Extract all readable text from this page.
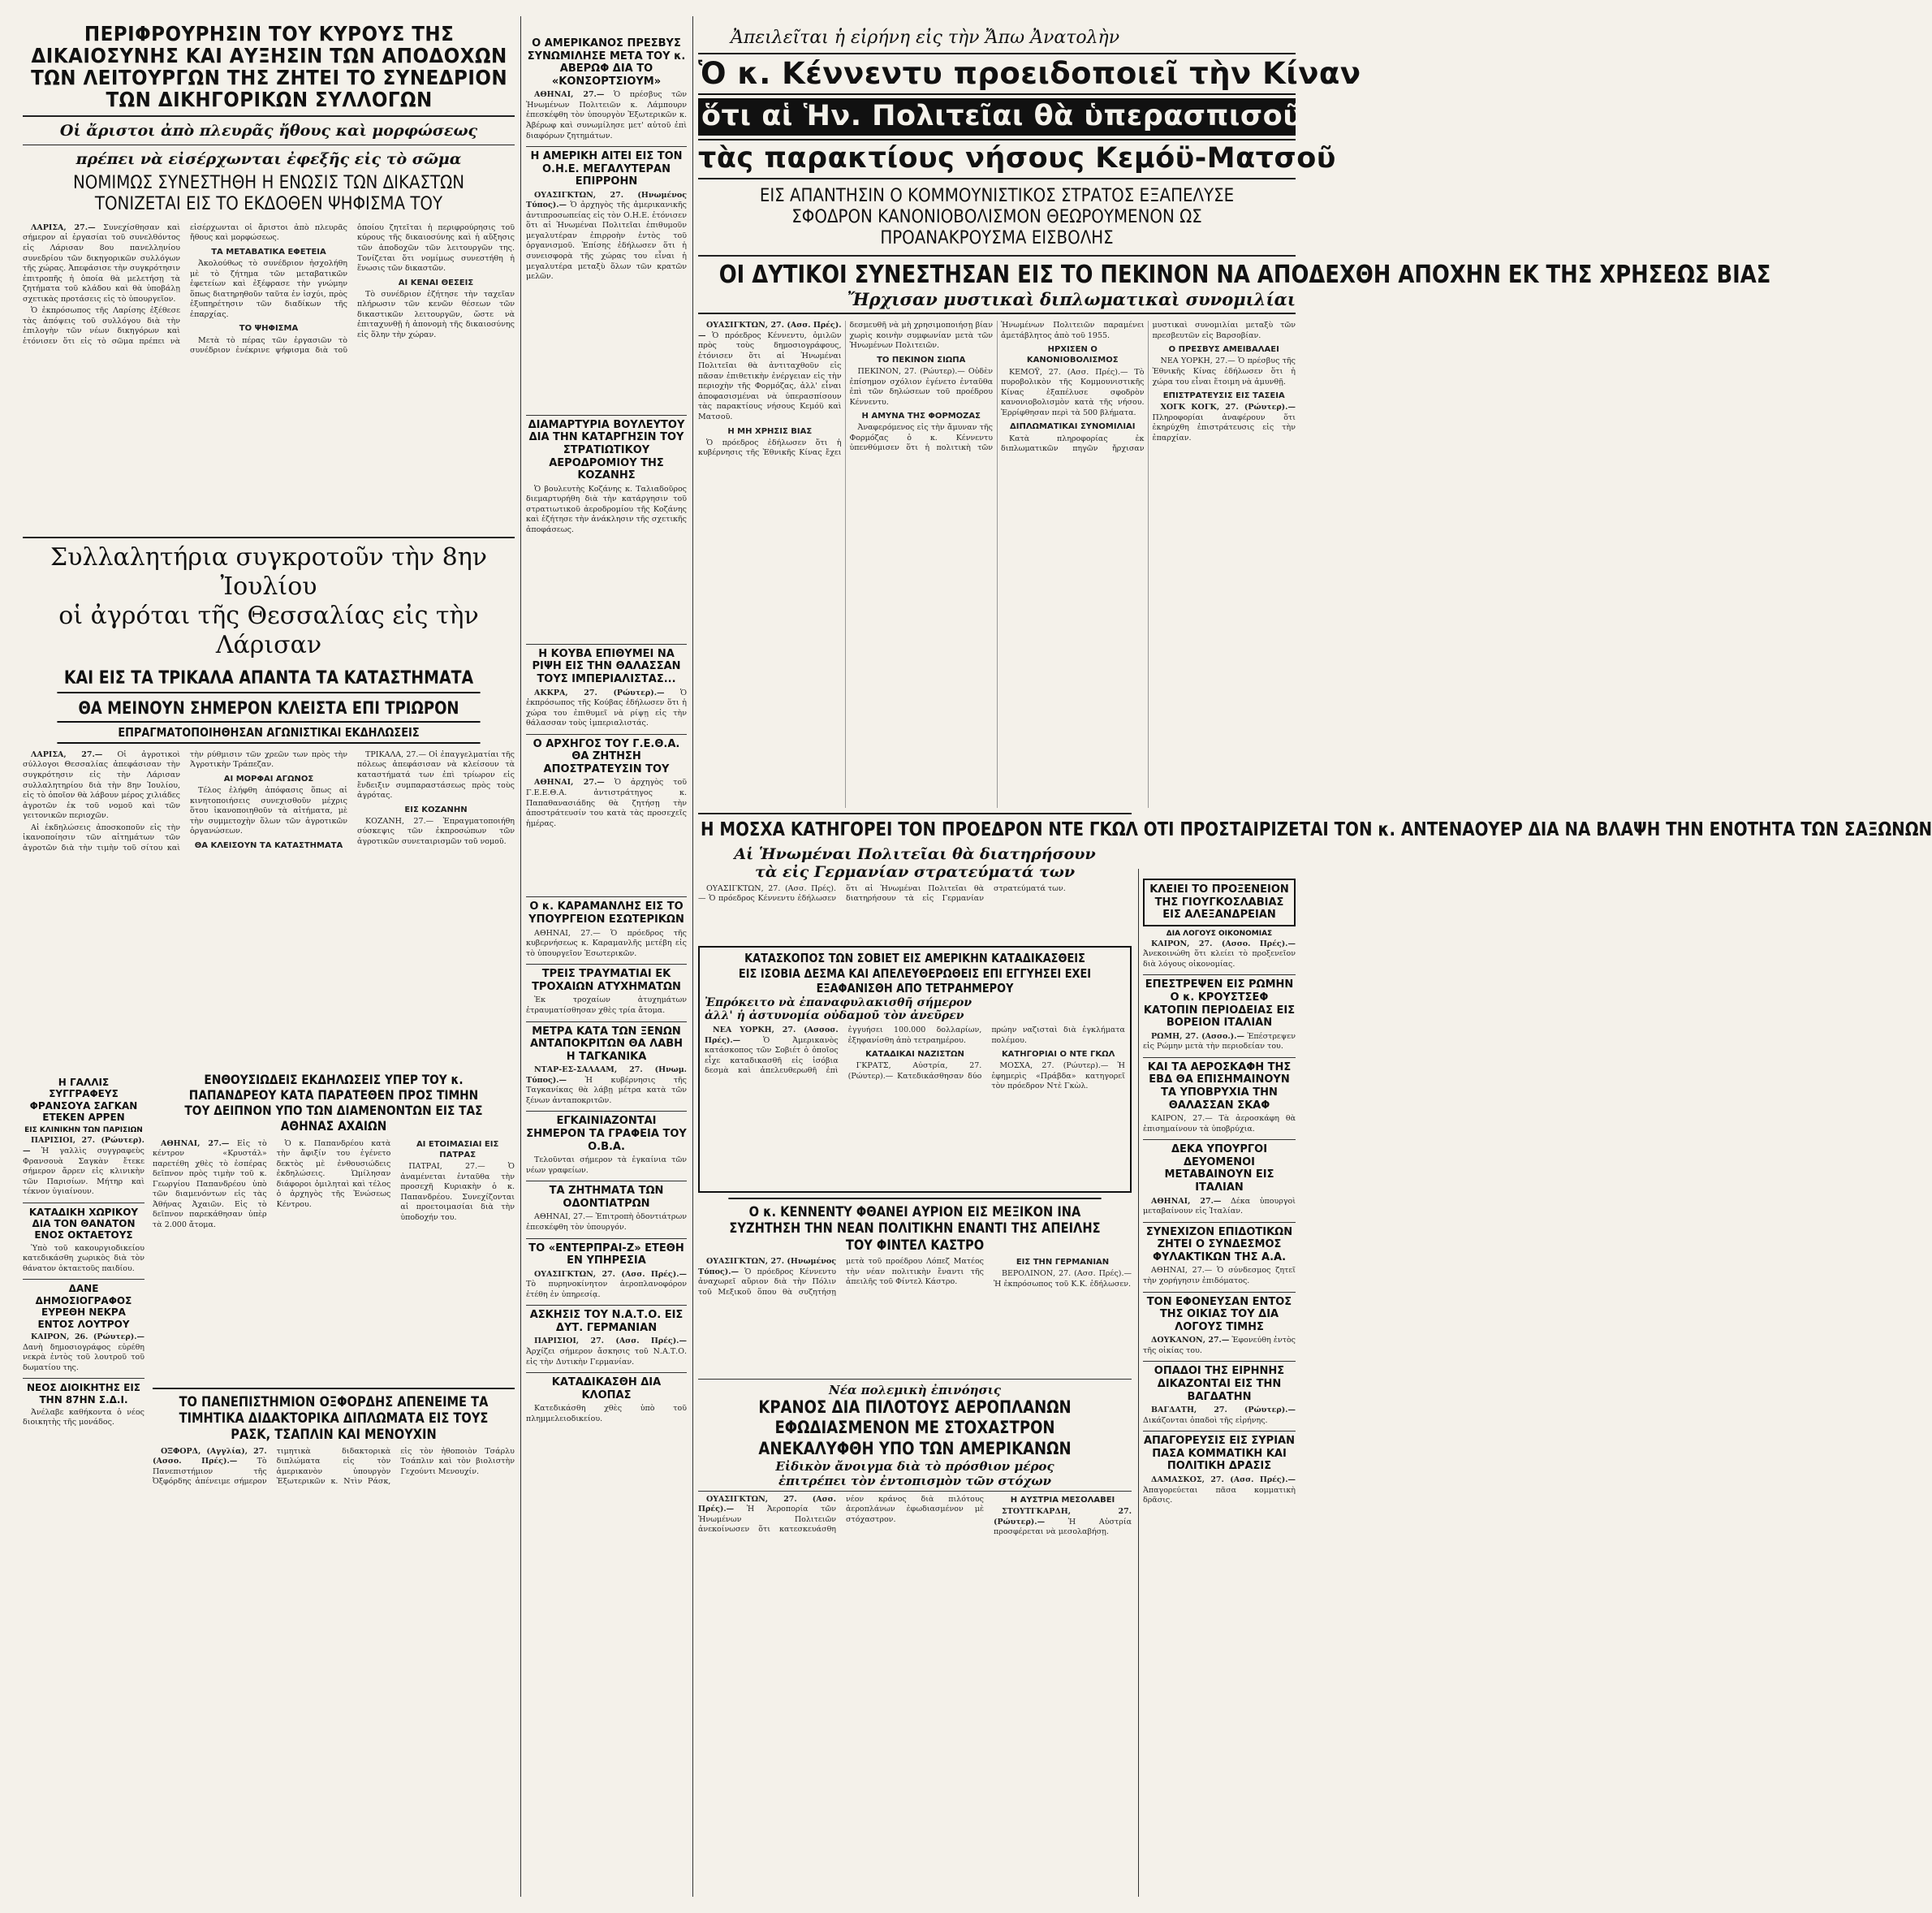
ΠΕΡΙΦΡΟΥΡΗΣΙΝ ΤΟΥ ΚΥΡΟΥΣ ΤΗΣ ΔΙΚΑΙΟΣΥΝΗΣ ΚΑΙ ΑΥΞΗΣΙΝ ΤΩΝ ΑΠΟΔΟΧΩΝ ΤΩΝ ΛΕΙΤΟΥΡΓΩΝ ΤΗΣ ΖΗΤΕΙ ΤΟ ΣΥΝΕΔΡΙΟΝ ΤΩΝ ΔΙΚΗΓΟΡΙΚΩΝ ΣΥΛΛΟΓΩΝ
Οἱ ἄριστοι ἀπὸ πλευρᾶς ἤθους καὶ μορφώσεως
πρέπει νὰ εἰσέρχωνται ἐφεξῆς εἰς τὸ σῶμα
ΝΟΜΙΜΩΣ ΣΥΝΕΣΤΗΘΗ Η ΕΝΩΣΙΣ ΤΩΝ ΔΙΚΑΣΤΩΝ ΤΟΝΙΖΕΤΑΙ ΕΙΣ ΤΟ ΕΚΔΟΘΕΝ ΨΗΦΙΣΜΑ ΤΟΥ

ΛΑΡΙΣΑ, 27.— Συνεχίσθησαν καὶ σήμερον αἱ ἐργασίαι τοῦ συνελθόντος εἰς Λάρισαν 8ου πανελληνίου συνεδρίου τῶν δικηγορικῶν συλλόγων τῆς χώρας. Ἀπεφάσισε τὴν συγκρότησιν ἐπιτροπῆς ἡ ὁποία θὰ μελετήσῃ τὰ ζητήματα τοῦ κλάδου καὶ θὰ ὑποβάλῃ σχετικὰς προτάσεις εἰς τὸ ὑπουργεῖον.

Ὁ ἐκπρόσωπος τῆς Λαρίσης ἐξέθεσε τὰς ἀπόψεις τοῦ συλλόγου διὰ τὴν ἐπιλογὴν τῶν νέων δικηγόρων καὶ ἐτόνισεν ὅτι εἰς τὸ σῶμα πρέπει νὰ εἰσέρχωνται οἱ ἄριστοι ἀπὸ πλευρᾶς ἤθους καὶ μορφώσεως.

ΤΑ ΜΕΤΑΒΑΤΙΚΑ ΕΦΕΤΕΙΑ

Ἀκολούθως τὸ συνέδριον ἠσχολήθη μὲ τὸ ζήτημα τῶν μεταβατικῶν ἐφετείων καὶ ἐξέφρασε τὴν γνώμην ὅπως διατηρηθοῦν ταῦτα ἐν ἰσχύι, πρὸς ἐξυπηρέτησιν τῶν διαδίκων τῆς ἐπαρχίας.

ΤΟ ΨΗΦΙΣΜΑ

Μετὰ τὸ πέρας τῶν ἐργασιῶν τὸ συνέδριον ἐνέκρινε ψήφισμα διὰ τοῦ ὁποίου ζητεῖται ἡ περιφρούρησις τοῦ κύρους τῆς δικαιοσύνης καὶ ἡ αὔξησις τῶν ἀποδοχῶν τῶν λειτουργῶν της. Τονίζεται ὅτι νομίμως συνεστήθη ἡ ἕνωσις τῶν δικαστῶν.

ΑΙ ΚΕΝΑΙ ΘΕΣΕΙΣ

Τὸ συνέδριον ἐζήτησε τὴν ταχεῖαν πλήρωσιν τῶν κενῶν θέσεων τῶν δικαστικῶν λειτουργῶν, ὥστε νὰ ἐπιταχυνθῇ ἡ ἀπονομὴ τῆς δικαιοσύνης εἰς ὅλην τὴν χώραν.

Συλλαλητήρια συγκροτοῦν τὴν 8ην Ἰουλίου
οἱ ἀγρόται τῆς Θεσσαλίας εἰς τὴν Λάρισαν
ΚΑΙ ΕΙΣ ΤΑ ΤΡΙΚΑΛΑ ΑΠΑΝΤΑ ΤΑ ΚΑΤΑΣΤΗΜΑΤΑ
ΘΑ ΜΕΙΝΟΥΝ ΣΗΜΕΡΟΝ ΚΛΕΙΣΤΑ ΕΠΙ ΤΡΙΩΡΟΝ
ΕΠΡΑΓΜΑΤΟΠΟΙΗΘΗΣΑΝ ΑΓΩΝΙΣΤΙΚΑΙ ΕΚΔΗΛΩΣΕΙΣ

ΛΑΡΙΣΑ, 27.— Οἱ ἀγροτικοὶ σύλλογοι Θεσσαλίας ἀπεφάσισαν τὴν συγκρότησιν εἰς τὴν Λάρισαν συλλαλητηρίου διὰ τὴν 8ην Ἰουλίου, εἰς τὸ ὁποῖον θὰ λάβουν μέρος χιλιάδες ἀγροτῶν ἐκ τοῦ νομοῦ καὶ τῶν γειτονικῶν περιοχῶν.

Αἱ ἐκδηλώσεις ἀποσκοποῦν εἰς τὴν ἱκανοποίησιν τῶν αἰτημάτων τῶν ἀγροτῶν διὰ τὴν τιμὴν τοῦ σίτου καὶ τὴν ρύθμισιν τῶν χρεῶν των πρὸς τὴν Ἀγροτικὴν Τράπεζαν.

ΑΙ ΜΟΡΦΑΙ ΑΓΩΝΟΣ

Τέλος ἐλήφθη ἀπόφασις ὅπως αἱ κινητοποιήσεις συνεχισθοῦν μέχρις ὅτου ἱκανοποιηθοῦν τὰ αἰτήματα, μὲ τὴν συμμετοχὴν ὅλων τῶν ἀγροτικῶν ὀργανώσεων.

ΘΑ ΚΛΕΙΣΟΥΝ ΤΑ ΚΑΤΑΣΤΗΜΑΤΑ

ΤΡΙΚΑΛΑ, 27.— Οἱ ἐπαγγελματίαι τῆς πόλεως ἀπεφάσισαν νὰ κλείσουν τὰ καταστήματά των ἐπὶ τρίωρον εἰς ἔνδειξιν συμπαραστάσεως πρὸς τοὺς ἀγρότας.

ΕΙΣ ΚΟΖΑΝΗΝ

ΚΟΖΑΝΗ, 27.— Ἐπραγματοποιήθη σύσκεψις τῶν ἐκπροσώπων τῶν ἀγροτικῶν συνεταιρισμῶν τοῦ νομοῦ.

Η ΓΑΛΛΙΣ ΣΥΓΓΡΑΦΕΥΣ ΦΡΑΝΣΟΥΑ ΣΑΓΚΑΝ ΕΤΕΚΕΝ ΑΡΡΕΝ
ΕΙΣ ΚΛΙΝΙΚΗΝ ΤΩΝ ΠΑΡΙΣΙΩΝ

ΠΑΡΙΣΙΟΙ, 27. (Ρώυτερ).— Ἡ γαλλὶς συγγραφεὺς Φρανσουὰ Σαγκὰν ἔτεκε σήμερον ἄρρεν εἰς κλινικὴν τῶν Παρισίων. Μήτηρ καὶ τέκνον ὑγιαίνουν.

ΚΑΤΑΔΙΚΗ ΧΩΡΙΚΟΥ ΔΙΑ ΤΟΝ ΘΑΝΑΤΟΝ ΕΝΟΣ ΟΚΤΑΕΤΟΥΣ

Ὑπὸ τοῦ κακουργιοδικείου κατεδικάσθη χωρικὸς διὰ τὸν θάνατον ὀκταετοῦς παιδίου.

ΔΑΝΕ ΔΗΜΟΣΙΟΓΡΑΦΟΣ ΕΥΡΕΘΗ ΝΕΚΡΑ ΕΝΤΟΣ ΛΟΥΤΡΟΥ

ΚΑΙΡΟΝ, 26. (Ρώυτερ).— Δανὴ δημοσιογράφος εὑρέθη νεκρὰ ἐντὸς τοῦ λουτροῦ τοῦ δωματίου της.

ΝΕΟΣ ΔΙΟΙΚΗΤΗΣ ΕΙΣ ΤΗΝ 87ΗΝ Σ.Δ.Ι.

Ἀνέλαβε καθήκοντα ὁ νέος διοικητὴς τῆς μονάδος.

ΕΝΘΟΥΣΙΩΔΕΙΣ ΕΚΔΗΛΩΣΕΙΣ ΥΠΕΡ ΤΟΥ κ. ΠΑΠΑΝΔΡΕΟΥ ΚΑΤΑ ΠΑΡΑΤΕΘΕΝ ΠΡΟΣ ΤΙΜΗΝ ΤΟΥ ΔΕΙΠΝΟΝ ΥΠΟ ΤΩΝ ΔΙΑΜΕΝΟΝΤΩΝ ΕΙΣ ΤΑΣ ΑΘΗΝΑΣ ΑΧΑΙΩΝ

ΑΘΗΝΑΙ, 27.— Εἰς τὸ κέντρον «Κρυστάλ» παρετέθη χθὲς τὸ ἑσπέρας δεῖπνον πρὸς τιμὴν τοῦ κ. Γεωργίου Παπανδρέου ὑπὸ τῶν διαμενόντων εἰς τὰς Ἀθήνας Ἀχαιῶν. Εἰς τὸ δεῖπνον παρεκάθησαν ὑπὲρ τὰ 2.000 ἄτομα.

Ὁ κ. Παπανδρέου κατὰ τὴν ἄφιξίν του ἐγένετο δεκτὸς μὲ ἐνθουσιώδεις ἐκδηλώσεις. Ὡμίλησαν διάφοροι ὁμιληταὶ καὶ τέλος ὁ ἀρχηγὸς τῆς Ἑνώσεως Κέντρου.

ΑΙ ΕΤΟΙΜΑΣΙΑΙ ΕΙΣ ΠΑΤΡΑΣ

ΠΑΤΡΑΙ, 27.— Ὁ ἀναμένεται ἐνταῦθα τὴν προσεχῆ Κυριακὴν ὁ κ. Παπανδρέου. Συνεχίζονται αἱ προετοιμασίαι διὰ τὴν ὑποδοχήν του.

ΤΟ ΠΑΝΕΠΙΣΤΗΜΙΟΝ ΟΞΦΟΡΔΗΣ ΑΠΕΝΕΙΜΕ ΤΑ ΤΙΜΗΤΙΚΑ ΔΙΔΑΚΤΟΡΙΚΑ ΔΙΠΛΩΜΑΤΑ ΕΙΣ ΤΟΥΣ ΡΑΣΚ, ΤΣΑΠΛΙΝ ΚΑΙ ΜΕΝΟΥΧΙΝ

ΟΞΦΟΡΔ, (Αγγλία), 27. (Ασσο. Πρές).— Τὸ Πανεπιστήμιον τῆς Ὀξφόρδης ἀπένειμε σήμερον τιμητικὰ διδακτορικὰ διπλώματα εἰς τὸν ἀμερικανὸν ὑπουργὸν Ἐξωτερικῶν κ. Ντὶν Ράσκ, εἰς τὸν ἠθοποιὸν Τσάρλυ Τσάπλιν καὶ τὸν βιολιστὴν Γεχούντι Μενουχίν.

Ο ΑΜΕΡΙΚΑΝΟΣ ΠΡΕΣΒΥΣ ΣΥΝΩΜΙΛΗΣΕ ΜΕΤΑ ΤΟΥ κ. ΑΒΕΡΩΦ ΔΙΑ ΤΟ «ΚΟΝΣΟΡΤΣΙΟΥΜ»

ΑΘΗΝΑΙ, 27.— Ὁ πρέσβυς τῶν Ἡνωμένων Πολιτειῶν κ. Λάμπουρν ἐπεσκέφθη τὸν ὑπουργὸν Ἐξωτερικῶν κ. Ἀβέρωφ καὶ συνωμίλησε μετ' αὐτοῦ ἐπὶ διαφόρων ζητημάτων.

Η ΑΜΕΡΙΚΗ ΑΙΤΕΙ ΕΙΣ ΤΟΝ Ο.Η.Ε. ΜΕΓΑΛΥΤΕΡΑΝ ΕΠΙΡΡΟΗΝ

ΟΥΑΣΙΓΚΤΩΝ, 27. (Ηνωμένος Τύπος).— Ὁ ἀρχηγὸς τῆς ἀμερικανικῆς ἀντιπροσωπείας εἰς τὸν Ο.Η.Ε. ἐτόνισεν ὅτι αἱ Ἡνωμέναι Πολιτεῖαι ἐπιθυμοῦν μεγαλυτέραν ἐπιρροὴν ἐντὸς τοῦ ὀργανισμοῦ. Ἐπίσης ἐδήλωσεν ὅτι ἡ συνεισφορὰ τῆς χώρας του εἶναι ἡ μεγαλυτέρα μεταξὺ ὅλων τῶν κρατῶν μελῶν.

ΔΙΑΜΑΡΤΥΡΙΑ ΒΟΥΛΕΥΤΟΥ ΔΙΑ ΤΗΝ ΚΑΤΑΡΓΗΣΙΝ ΤΟΥ ΣΤΡΑΤΙΩΤΙΚΟΥ ΑΕΡΟΔΡΟΜΙΟΥ ΤΗΣ ΚΟΖΑΝΗΣ

Ὁ βουλευτὴς Κοζάνης κ. Ταλιαδοῦρος διεμαρτυρήθη διὰ τὴν κατάργησιν τοῦ στρατιωτικοῦ ἀεροδρομίου τῆς Κοζάνης καὶ ἐζήτησε τὴν ἀνάκλησιν τῆς σχετικῆς ἀποφάσεως.

Η ΚΟΥΒΑ ΕΠΙΘΥΜΕΙ ΝΑ ΡΙΨΗ ΕΙΣ ΤΗΝ ΘΑΛΑΣΣΑΝ ΤΟΥΣ ΙΜΠΕΡΙΑΛΙΣΤΑΣ...

ΑΚΚΡΑ, 27. (Ρώυτερ).— Ὁ ἐκπρόσωπος τῆς Κούβας ἐδήλωσεν ὅτι ἡ χώρα του ἐπιθυμεῖ νὰ ρίψῃ εἰς τὴν θάλασσαν τοὺς ἰμπεριαλιστάς.

Ο ΑΡΧΗΓΟΣ ΤΟΥ Γ.Ε.Θ.Α. ΘΑ ΖΗΤΗΣΗ ΑΠΟΣΤΡΑΤΕΥΣΙΝ ΤΟΥ

ΑΘΗΝΑΙ, 27.— Ὁ ἀρχηγὸς τοῦ Γ.Ε.Ε.Θ.Α. ἀντιστράτηγος κ. Παπαθανασιάδης θὰ ζητήσῃ τὴν ἀποστράτευσίν του κατὰ τὰς προσεχεῖς ἡμέρας.

Ο κ. ΚΑΡΑΜΑΝΛΗΣ ΕΙΣ ΤΟ ΥΠΟΥΡΓΕΙΟΝ ΕΣΩΤΕΡΙΚΩΝ

ΑΘΗΝΑΙ, 27.— Ὁ πρόεδρος τῆς κυβερνήσεως κ. Καραμανλῆς μετέβη εἰς τὸ ὑπουργεῖον Ἐσωτερικῶν.

ΤΡΕΙΣ ΤΡΑΥΜΑΤΙΑΙ ΕΚ ΤΡΟΧΑΙΩΝ ΑΤΥΧΗΜΑΤΩΝ

Ἐκ τροχαίων ἀτυχημάτων ἐτραυματίσθησαν χθὲς τρία ἄτομα.

ΜΕΤΡΑ ΚΑΤΑ ΤΩΝ ΞΕΝΩΝ ΑΝΤΑΠΟΚΡΙΤΩΝ ΘΑ ΛΑΒΗ Η ΤΑΓΚΑΝΙΚΑ

ΝΤΑΡ-ΕΣ-ΣΑΛΑΑΜ, 27. (Ηνωμ. Τύπος).— Ἡ κυβέρνησις τῆς Ταγκανίκας θὰ λάβῃ μέτρα κατὰ τῶν ξένων ἀνταποκριτῶν.

ΕΓΚΑΙΝΙΑΖΟΝΤΑΙ ΣΗΜΕΡΟΝ ΤΑ ΓΡΑΦΕΙΑ ΤΟΥ Ο.Β.Α.

Τελοῦνται σήμερον τὰ ἐγκαίνια τῶν νέων γραφείων.

ΤΑ ΖΗΤΗΜΑΤΑ ΤΩΝ ΟΔΟΝΤΙΑΤΡΩΝ

ΑΘΗΝΑΙ, 27.— Ἐπιτροπὴ ὀδοντιάτρων ἐπεσκέφθη τὸν ὑπουργόν.

ΤΟ «ΕΝΤΕΡΠΡΑΙ-Ζ» ΕΤΕΘΗ ΕΝ ΥΠΗΡΕΣΙΑ

ΟΥΑΣΙΓΚΤΩΝ, 27. (Ασσ. Πρές).— Τὸ πυρηνοκίνητον ἀεροπλανοφόρον ἐτέθη ἐν ὑπηρεσίᾳ.

ΑΣΚΗΣΙΣ ΤΟΥ Ν.Α.Τ.Ο. ΕΙΣ ΔΥΤ. ΓΕΡΜΑΝΙΑΝ

ΠΑΡΙΣΙΟΙ, 27. (Ασσ. Πρές).— Ἀρχίζει σήμερον ἄσκησις τοῦ Ν.Α.Τ.Ο. εἰς τὴν Δυτικὴν Γερμανίαν.

ΚΑΤΑΔΙΚΑΣΘΗ ΔΙΑ ΚΛΟΠΑΣ

Κατεδικάσθη χθὲς ὑπὸ τοῦ πλημμελειοδικείου.

Ἀπειλεῖται ἡ εἰρήνη εἰς τὴν Ἄπω Ἀνατολὴν
Ὁ κ. Κέννεντυ προειδοποιεῖ τὴν Κίναν
ὅτι αἱ Ἡν. Πολιτεῖαι θὰ ὑπερασπισοῦν
τὰς παρακτίους νήσους Κεμόϋ-Ματσοῦ
ΕΙΣ ΑΠΑΝΤΗΣΙΝ Ο ΚΟΜΜΟΥΝΙΣΤΙΚΟΣ ΣΤΡΑΤΟΣ ΕΞΑΠΕΛΥΣΕ ΣΦΟΔΡΟΝ ΚΑΝΟΝΙΟΒΟΛΙΣΜΟΝ ΘΕΩΡΟΥΜΕΝΟΝ ΩΣ ΠΡΟΑΝΑΚΡΟΥΣΜΑ ΕΙΣΒΟΛΗΣ
ΟΙ ΔΥΤΙΚΟΙ ΣΥΝΕΣΤΗΣΑΝ ΕΙΣ ΤΟ ΠΕΚΙΝΟΝ ΝΑ ΑΠΟΔΕΧΘΗ ΑΠΟΧΗΝ ΕΚ ΤΗΣ ΧΡΗΣΕΩΣ ΒΙΑΣ
Ἤρχισαν μυστικαὶ διπλωματικαὶ συνομιλίαι

ΟΥΑΣΙΓΚΤΩΝ, 27. (Ασσ. Πρές).— Ὁ πρόεδρος Κέννεντυ, ὁμιλῶν πρὸς τοὺς δημοσιογράφους, ἐτόνισεν ὅτι αἱ Ἡνωμέναι Πολιτεῖαι θὰ ἀντιταχθοῦν εἰς πᾶσαν ἐπιθετικὴν ἐνέργειαν εἰς τὴν περιοχὴν τῆς Φορμόζας, ἀλλ' εἶναι ἀποφασισμέναι νὰ ὑπερασπίσουν τὰς παρακτίους νήσους Κεμόϋ καὶ Ματσοῦ.

Η ΜΗ ΧΡΗΣΙΣ ΒΙΑΣ

Ὁ πρόεδρος ἐδήλωσεν ὅτι ἡ κυβέρνησις τῆς Ἐθνικῆς Κίνας ἔχει δεσμευθῆ νὰ μὴ χρησιμοποιήσῃ βίαν χωρὶς κοινὴν συμφωνίαν μετὰ τῶν Ἡνωμένων Πολιτειῶν.

ΤΟ ΠΕΚΙΝΟΝ ΣΙΩΠΑ

ΠΕΚΙΝΟΝ, 27. (Ρώυτερ).— Οὐδὲν ἐπίσημον σχόλιον ἐγένετο ἐνταῦθα ἐπὶ τῶν δηλώσεων τοῦ προέδρου Κέννεντυ.

Η ΑΜΥΝΑ ΤΗΣ ΦΟΡΜΟΖΑΣ

Ἀναφερόμενος εἰς τὴν ἄμυναν τῆς Φορμόζας ὁ κ. Κέννεντυ ὑπενθύμισεν ὅτι ἡ πολιτικὴ τῶν Ἡνωμένων Πολιτειῶν παραμένει ἀμετάβλητος ἀπὸ τοῦ 1955.

ΗΡΧΙΣΕΝ Ο ΚΑΝΟΝΙΟΒΟΛΙΣΜΟΣ

ΚΕΜΟΫ, 27. (Ασσ. Πρές).— Τὸ πυροβολικὸν τῆς Κομμουνιστικῆς Κίνας ἐξαπέλυσε σφοδρὸν κανονιοβολισμὸν κατὰ τῆς νήσου. Ἐρρίφθησαν περὶ τὰ 500 βλήματα.

ΔΙΠΛΩΜΑΤΙΚΑΙ ΣΥΝΟΜΙΛΙΑΙ

Κατὰ πληροφορίας ἐκ διπλωματικῶν πηγῶν ἤρχισαν μυστικαὶ συνομιλίαι μεταξὺ τῶν πρεσβευτῶν εἰς Βαρσοβίαν.

Ο ΠΡΕΣΒΥΣ ΑΜΕΙΒΑΛΑΕΙ

ΝΕΑ ΥΟΡΚΗ, 27.— Ὁ πρέσβυς τῆς Ἐθνικῆς Κίνας ἐδήλωσεν ὅτι ἡ χώρα του εἶναι ἕτοιμη νὰ ἀμυνθῇ.

ΕΠΙΣΤΡΑΤΕΥΣΙΣ ΕΙΣ ΤΑΣΕΙΑ

ΧΟΓΚ ΚΟΓΚ, 27. (Ρώυτερ).— Πληροφορίαι ἀναφέρουν ὅτι ἐκηρύχθη ἐπιστράτευσις εἰς τὴν ἐπαρχίαν.

Η ΜΟΣΧΑ ΚΑΤΗΓΟΡΕΙ ΤΟΝ ΠΡΟΕΔΡΟΝ ΝΤΕ ΓΚΩΛ ΟΤΙ ΠΡΟΣΤΑΙΡΙΖΕΤΑΙ ΤΟΝ κ. ΑΝΤΕΝΑΟΥΕΡ ΔΙΑ ΝΑ ΒΛΑΨΗ ΤΗΝ ΕΝΟΤΗΤΑ ΤΩΝ ΣΑΞΩΝΩΝ
Αἱ Ἡνωμέναι Πολιτεῖαι θὰ διατηρήσουν
τὰ εἰς Γερμανίαν στρατεύματά των

ΟΥΑΣΙΓΚΤΩΝ, 27. (Ασσ. Πρές).— Ὁ πρόεδρος Κέννεντυ ἐδήλωσεν ὅτι αἱ Ἡνωμέναι Πολιτεῖαι θὰ διατηρήσουν τὰ εἰς Γερμανίαν στρατεύματά των.

ΚΑΤΑΣΚΟΠΟΣ ΤΩΝ ΣΟΒΙΕΤ ΕΙΣ ΑΜΕΡΙΚΗΝ ΚΑΤΑΔΙΚΑΣΘΕΙΣ ΕΙΣ ΙΣΟΒΙΑ ΔΕΣΜΑ ΚΑΙ ΑΠΕΛΕΥΘΕΡΩΘΕΙΣ ΕΠΙ ΕΓΓΥΗΣΕΙ ΕΧΕΙ ΕΞΑΦΑΝΙΣΘΗ ΑΠΟ ΤΕΤΡΑΗΜΕΡΟΥ
Ἐπρόκειτο νὰ ἐπαναφυλακισθῆ σήμερον
ἀλλ' ἡ ἀστυνομία οὐδαμοῦ τὸν ἀνεῦρεν

ΝΕΑ ΥΟΡΚΗ, 27. (Ασσοσ. Πρές).— Ὁ Ἀμερικανὸς κατάσκοπος τῶν Σοβιέτ ὁ ὁποῖος εἶχε καταδικασθῆ εἰς ἰσόβια δεσμὰ καὶ ἀπελευθερωθῆ ἐπὶ ἐγγυήσει 100.000 δολλαρίων, ἐξηφανίσθη ἀπὸ τετραημέρου.

ΚΑΤΑΔΙΚΑΙ ΝΑΖΙΣΤΩΝ

ΓΚΡΑΤΣ, Αὐστρία, 27. (Ρώυτερ).— Κατεδικάσθησαν δύο πρώην ναζισταὶ διὰ ἐγκλήματα πολέμου.

ΚΑΤΗΓΟΡΙΑΙ Ο ΝΤΕ ΓΚΩΛ

ΜΟΣΧΑ, 27. (Ρώυτερ).— Ἡ ἐφημερὶς «Πράβδα» κατηγορεῖ τὸν πρόεδρον Ντὲ Γκὼλ.

Ο κ. ΚΕΝΝΕΝΤΥ ΦΘΑΝΕΙ ΑΥΡΙΟΝ ΕΙΣ ΜΕΞΙΚΟΝ ΙΝΑ ΣΥΖΗΤΗΣΗ ΤΗΝ ΝΕΑΝ ΠΟΛΙΤΙΚΗΝ ΕΝΑΝΤΙ ΤΗΣ ΑΠΕΙΛΗΣ ΤΟΥ ΦΙΝΤΕΛ ΚΑΣΤΡΟ

ΟΥΑΣΙΓΚΤΩΝ, 27. (Ηνωμένος Τύπος).— Ὁ πρόεδρος Κέννεντυ ἀναχωρεῖ αὔριον διὰ τὴν Πόλιν τοῦ Μεξικοῦ ὅπου θὰ συζητήσῃ μετὰ τοῦ προέδρου Λόπεζ Ματέος τὴν νέαν πολιτικὴν ἔναντι τῆς ἀπειλῆς τοῦ Φίντελ Κάστρο.

ΕΙΣ ΤΗΝ ΓΕΡΜΑΝΙΑΝ

ΒΕΡΟΛΙΝΟΝ, 27. (Ασσ. Πρές).— Ἡ ἐκπρόσωπος τοῦ Κ.Κ. ἐδήλωσεν.

Νέα πολεμικὴ ἐπινόησις
ΚΡΑΝΟΣ ΔΙΑ ΠΙΛΟΤΟΥΣ ΑΕΡΟΠΛΑΝΩΝ ΕΦΩΔΙΑΣΜΕΝΟΝ ΜΕ ΣΤΟΧΑΣΤΡΟΝ ΑΝΕΚΑΛΥΦΘΗ ΥΠΟ ΤΩΝ ΑΜΕΡΙΚΑΝΩΝ
Εἰδικὸν ἄνοιγμα διὰ τὸ πρόσθιον μέρος
ἐπιτρέπει τὸν ἐντοπισμὸν τῶν στόχων

ΟΥΑΣΙΓΚΤΩΝ, 27. (Ασσ. Πρές).— Ἡ Ἀεροπορία τῶν Ἡνωμένων Πολιτειῶν ἀνεκοίνωσεν ὅτι κατεσκευάσθη νέον κράνος διὰ πιλότους ἀεροπλάνων ἐφωδιασμένον μὲ στόχαστρον.

Η ΑΥΣΤΡΙΑ ΜΕΣΟΛΑΒΕΙ

ΣΤΟΥΤΓΚΑΡΔΗ, 27. (Ρώυτερ).— Ἡ Αὐστρία προσφέρεται νὰ μεσολαβήσῃ.

ΚΛΕΙΕΙ ΤΟ ΠΡΟΞΕΝΕΙΟΝ ΤΗΣ ΓΙΟΥΓΚΟΣΛΑΒΙΑΣ ΕΙΣ ΑΛΕΞΑΝΔΡΕΙΑΝ
ΔΙΑ ΛΟΓΟΥΣ ΟΙΚΟΝΟΜΙΑΣ

ΚΑΙΡΟΝ, 27. (Ασσο. Πρές).— Ἀνεκοινώθη ὅτι κλείει τὸ προξενεῖον διὰ λόγους οἰκονομίας.

ΕΠΕΣΤΡΕΨΕΝ ΕΙΣ ΡΩΜΗΝ Ο κ. ΚΡΟΥΣΤΣΕΦ ΚΑΤΟΠΙΝ ΠΕΡΙΟΔΕΙΑΣ ΕΙΣ ΒΟΡΕΙΟΝ ΙΤΑΛΙΑΝ

ΡΩΜΗ, 27. (Ασσο.).— Ἐπέστρεψεν εἰς Ρώμην μετὰ τὴν περιοδείαν του.

ΚΑΙ ΤΑ ΑΕΡΟΣΚΑΦΗ ΤΗΣ ΕΒΔ ΘΑ ΕΠΙΣΗΜΑΙΝΟΥΝ ΤΑ ΥΠΟΒΡΥΧΙΑ ΤΗΝ ΘΑΛΑΣΣΑΝ ΣΚΑΦ

ΚΑΙΡΟΝ, 27.— Τὰ ἀεροσκάφη θὰ ἐπισημαίνουν τὰ ὑποβρύχια.

ΔΕΚΑ ΥΠΟΥΡΓΟΙ ΔΕΥΟΜΕΝΟΙ ΜΕΤΑΒΑΙΝΟΥΝ ΕΙΣ ΙΤΑΛΙΑΝ

ΑΘΗΝΑΙ, 27.— Δέκα ὑπουργοὶ μεταβαίνουν εἰς Ἰταλίαν.

ΣΥΝΕΧΙΖΟΝ ΕΠΙΔΟΤΙΚΩΝ ΖΗΤΕΙ Ο ΣΥΝΔΕΣΜΟΣ ΦΥΛΑΚΤΙΚΩΝ ΤΗΣ Α.Α.

ΑΘΗΝΑΙ, 27.— Ὁ σύνδεσμος ζητεῖ τὴν χορήγησιν ἐπιδόματος.

ΤΟΝ ΕΦΟΝΕΥΣΑΝ ΕΝΤΟΣ ΤΗΣ ΟΙΚΙΑΣ ΤΟΥ ΔΙΑ ΛΟΓΟΥΣ ΤΙΜΗΣ

ΔΟΥΚΑΝΟΝ, 27.— Ἐφονεύθη ἐντὸς τῆς οἰκίας του.

ΟΠΑΔΟΙ ΤΗΣ ΕΙΡΗΝΗΣ ΔΙΚΑΖΟΝΤΑΙ ΕΙΣ ΤΗΝ ΒΑΓΔΑΤΗΝ

ΒΑΓΔΑΤΗ, 27. (Ρώυτερ).— Δικάζονται ὀπαδοὶ τῆς εἰρήνης.

ΑΠΑΓΟΡΕΥΣΙΣ ΕΙΣ ΣΥΡΙΑΝ ΠΑΣΑ ΚΟΜΜΑΤΙΚΗ ΚΑΙ ΠΟΛΙΤΙΚΗ ΔΡΑΣΙΣ

ΔΑΜΑΣΚΟΣ, 27. (Ασσ. Πρές).— Ἀπαγορεύεται πᾶσα κομματικὴ δρᾶσις.
